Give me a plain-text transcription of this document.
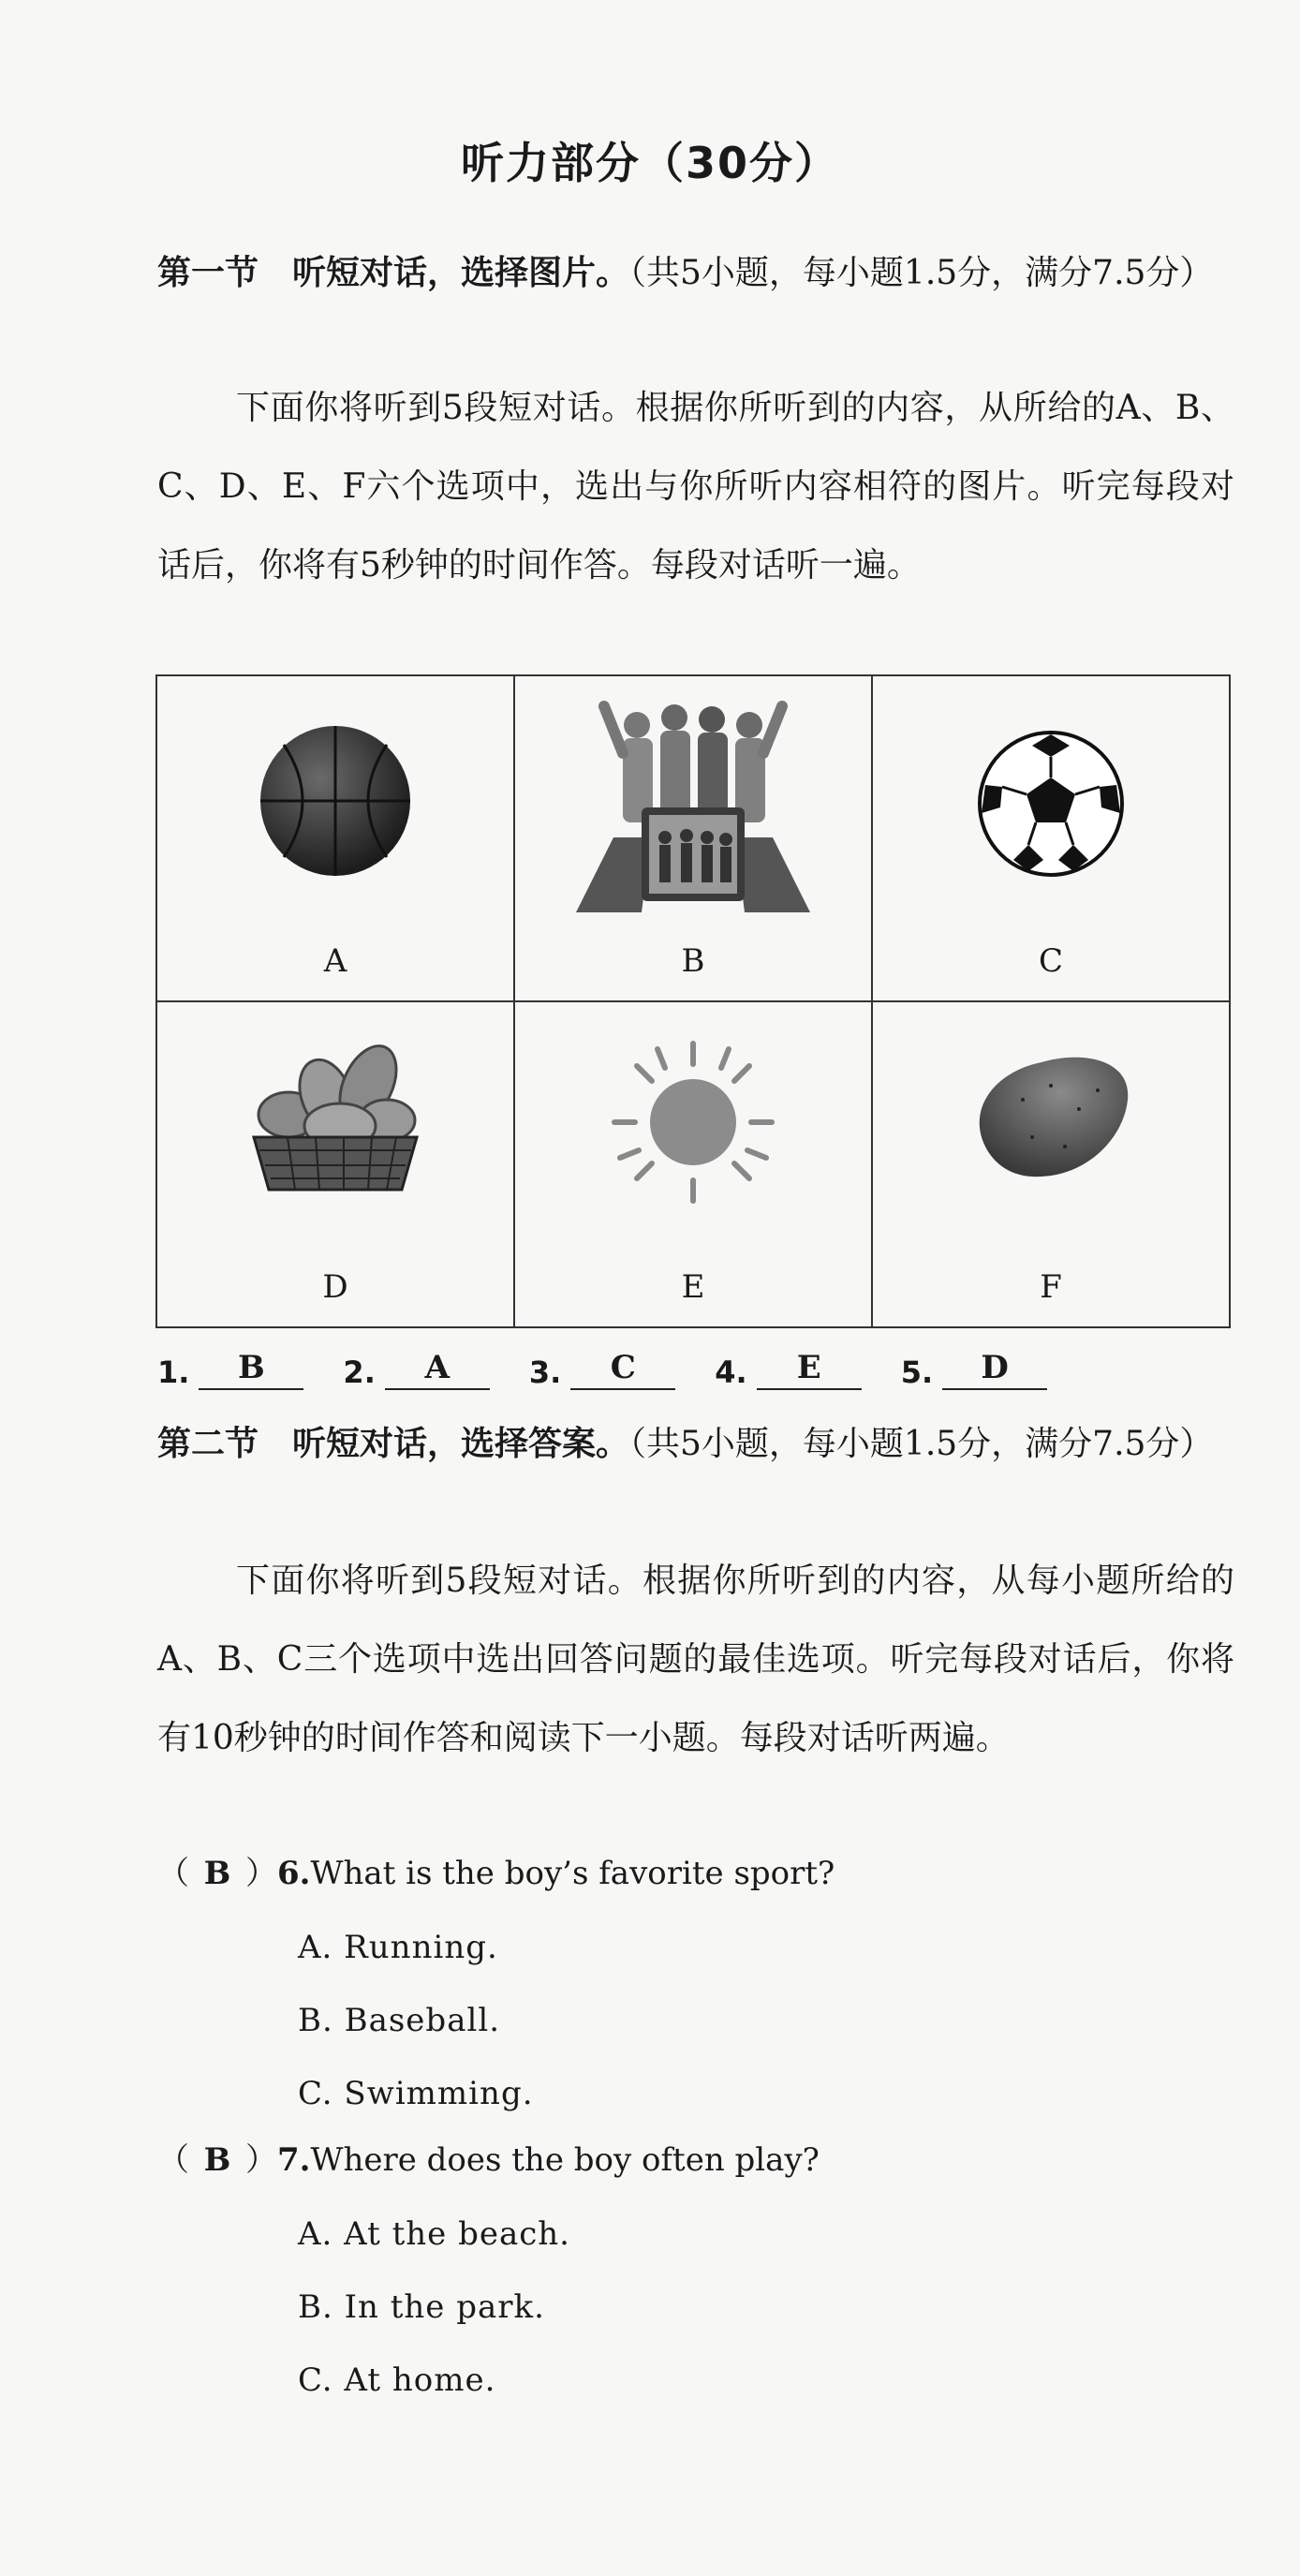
听力部分（30分）
第一节　听短对话，选择图片。（共5小题，每小题1.5分，满分7.5分）
下面你将听到5段短对话。根据你所听到的内容，从所给的A、B、C、D、E、F六个选项中，选出与你所听内容相符的图片。听完每段对话后，你将有5秒钟的时间作答。每段对话听一遍。
A	B	C

D	E	F
1.	B	2.	A	3.	C	4.	E	5.	D
第二节　听短对话，选择答案。（共5小题，每小题1.5分，满分7.5分）
下面你将听到5段短对话。根据你所听到的内容，从每小题所给的A、B、C三个选项中选出回答问题的最佳选项。听完每段对话后，你将有10秒钟的时间作答和阅读下一小题。每段对话听两遍。
（ B ） 6. What is the boy’s favorite sport?
A. Running.
B. Baseball.
C. Swimming.
（ B ） 7. Where does the boy often play?
A. At the beach.
B. In the park.
C. At home.
